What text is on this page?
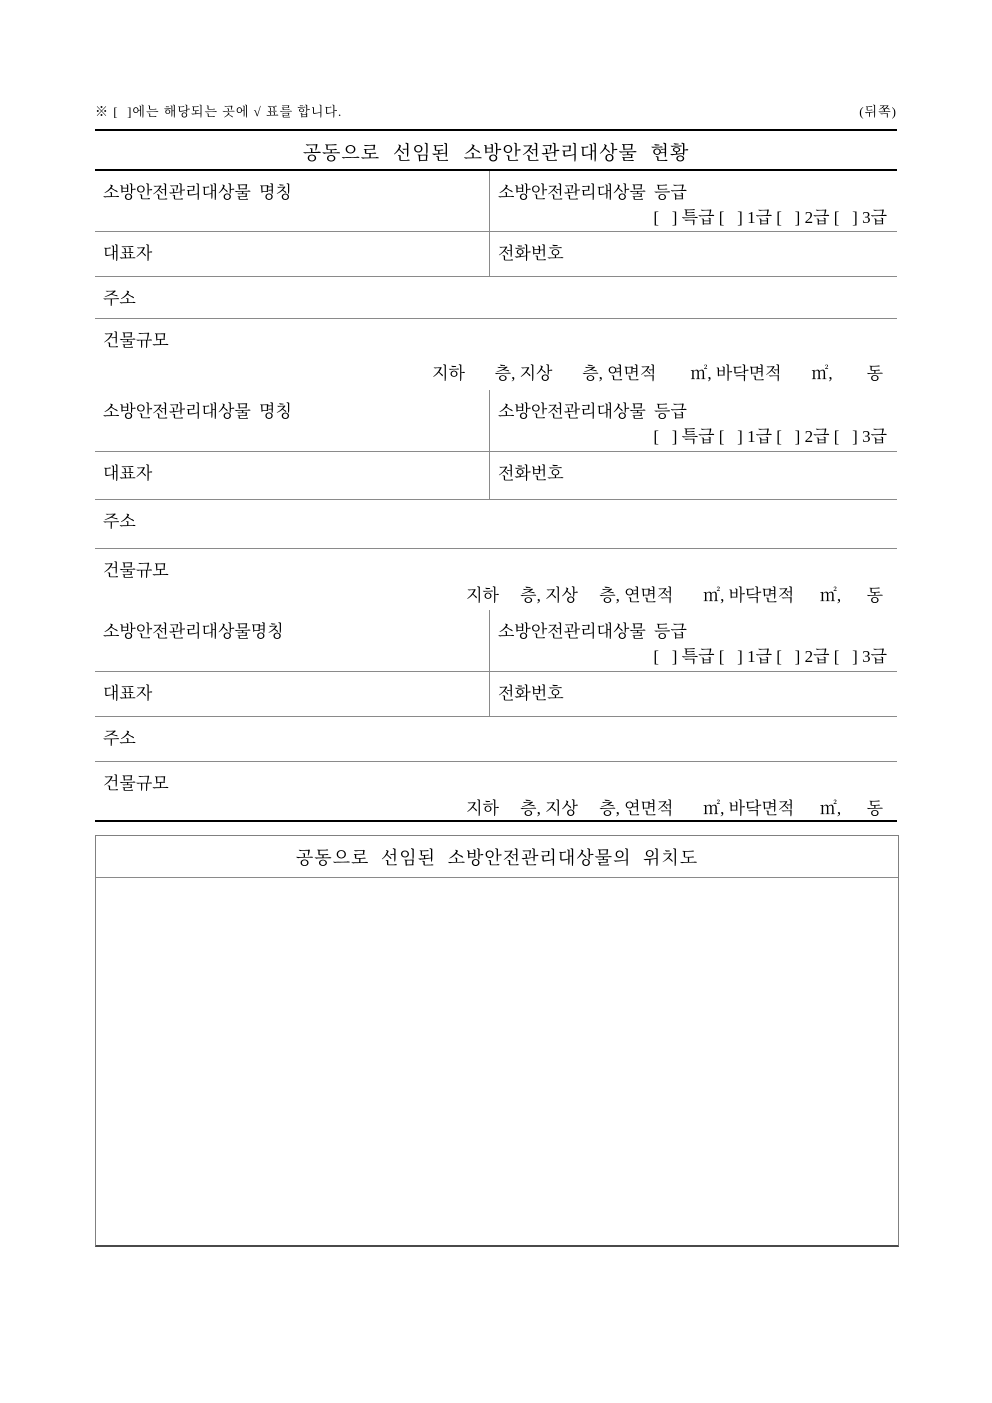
※ [  ]에는 해당되는 곳에 √ 표를 합니다.	(뒤쪽)
공동으로 선임된 소방안전관리대상물 현황
소방안전관리대상물 명칭	소방안전관리대상물 등급
[   ] 특급 [   ] 1급 [   ] 2급 [   ] 3급
대표자	전화번호
주소
건물규모
지하       층, 지상       층, 연면적        ㎡, 바닥면적       ㎡,        동
소방안전관리대상물 명칭	소방안전관리대상물 등급
[   ] 특급 [   ] 1급 [   ] 2급 [   ] 3급
대표자	전화번호
주소
건물규모
지하     층, 지상     층, 연면적       ㎡, 바닥면적      ㎡,      동
소방안전관리대상물명칭	소방안전관리대상물 등급
[   ] 특급 [   ] 1급 [   ] 2급 [   ] 3급
대표자	전화번호
주소
건물규모
지하     층, 지상     층, 연면적       ㎡, 바닥면적      ㎡,      동
공동으로 선임된 소방안전관리대상물의 위치도
